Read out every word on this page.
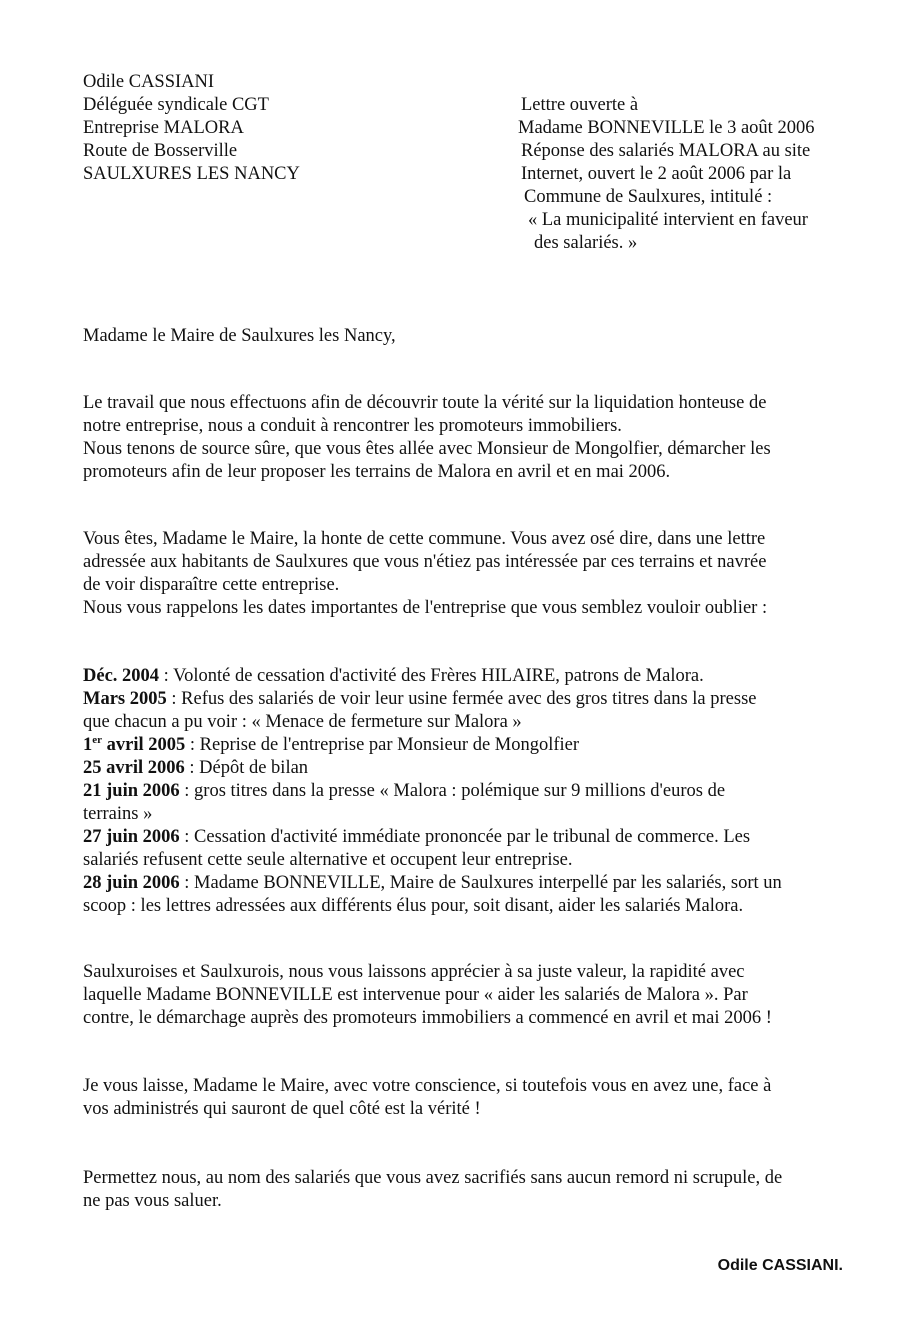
Odile CASSIANI
Déléguée syndicale CGT
Entreprise MALORA
Route de Bosserville
SAULXURES LES NANCY
Lettre ouverte à
Madame BONNEVILLE le 3 août 2006
Réponse des salariés MALORA au site
Internet, ouvert le 2 août 2006 par la
Commune de Saulxures, intitulé :
« La municipalité intervient en faveur
des salariés. »
Madame le Maire de Saulxures les Nancy,
Le travail que nous effectuons afin de découvrir toute la vérité sur la liquidation honteuse de
notre entreprise, nous a conduit à rencontrer les promoteurs immobiliers.
Nous tenons de source sûre, que vous êtes allée avec Monsieur de Mongolfier, démarcher les
promoteurs afin de leur proposer les terrains de Malora en avril et en mai 2006.
Vous êtes, Madame le Maire, la honte de cette commune. Vous avez osé dire, dans une lettre
adressée aux habitants de Saulxures que vous n'étiez pas intéressée par ces terrains et navrée
de voir disparaître cette entreprise.
Nous vous rappelons les dates importantes de l'entreprise que vous semblez vouloir oublier :
Déc. 2004 : Volonté de cessation d'activité des Frères HILAIRE, patrons de Malora.
Mars 2005 : Refus des salariés de voir leur usine fermée avec des gros titres dans la presse
que chacun a pu voir : « Menace de fermeture sur Malora »
1er avril 2005 : Reprise de l'entreprise par Monsieur de Mongolfier
25 avril 2006 : Dépôt de bilan
21 juin 2006 : gros titres dans la presse « Malora : polémique sur 9 millions d'euros de
terrains »
27 juin 2006 : Cessation d'activité immédiate prononcée par le tribunal de commerce. Les
salariés refusent cette seule alternative et occupent leur entreprise.
28 juin 2006 : Madame BONNEVILLE, Maire de Saulxures interpellé par les salariés, sort un
scoop : les lettres adressées aux différents élus pour, soit disant, aider les salariés Malora.
Saulxuroises et Saulxurois, nous vous laissons apprécier à sa juste valeur, la rapidité avec
laquelle Madame BONNEVILLE est intervenue pour « aider les salariés de Malora ». Par
contre, le démarchage auprès des promoteurs immobiliers a commencé en avril et mai 2006 !
Je vous laisse, Madame le Maire, avec votre conscience, si toutefois vous en avez une, face à
vos administrés qui sauront de quel côté est la vérité !
Permettez nous, au nom des salariés que vous avez sacrifiés sans aucun remord ni scrupule, de
ne pas vous saluer.
Odile CASSIANI.
